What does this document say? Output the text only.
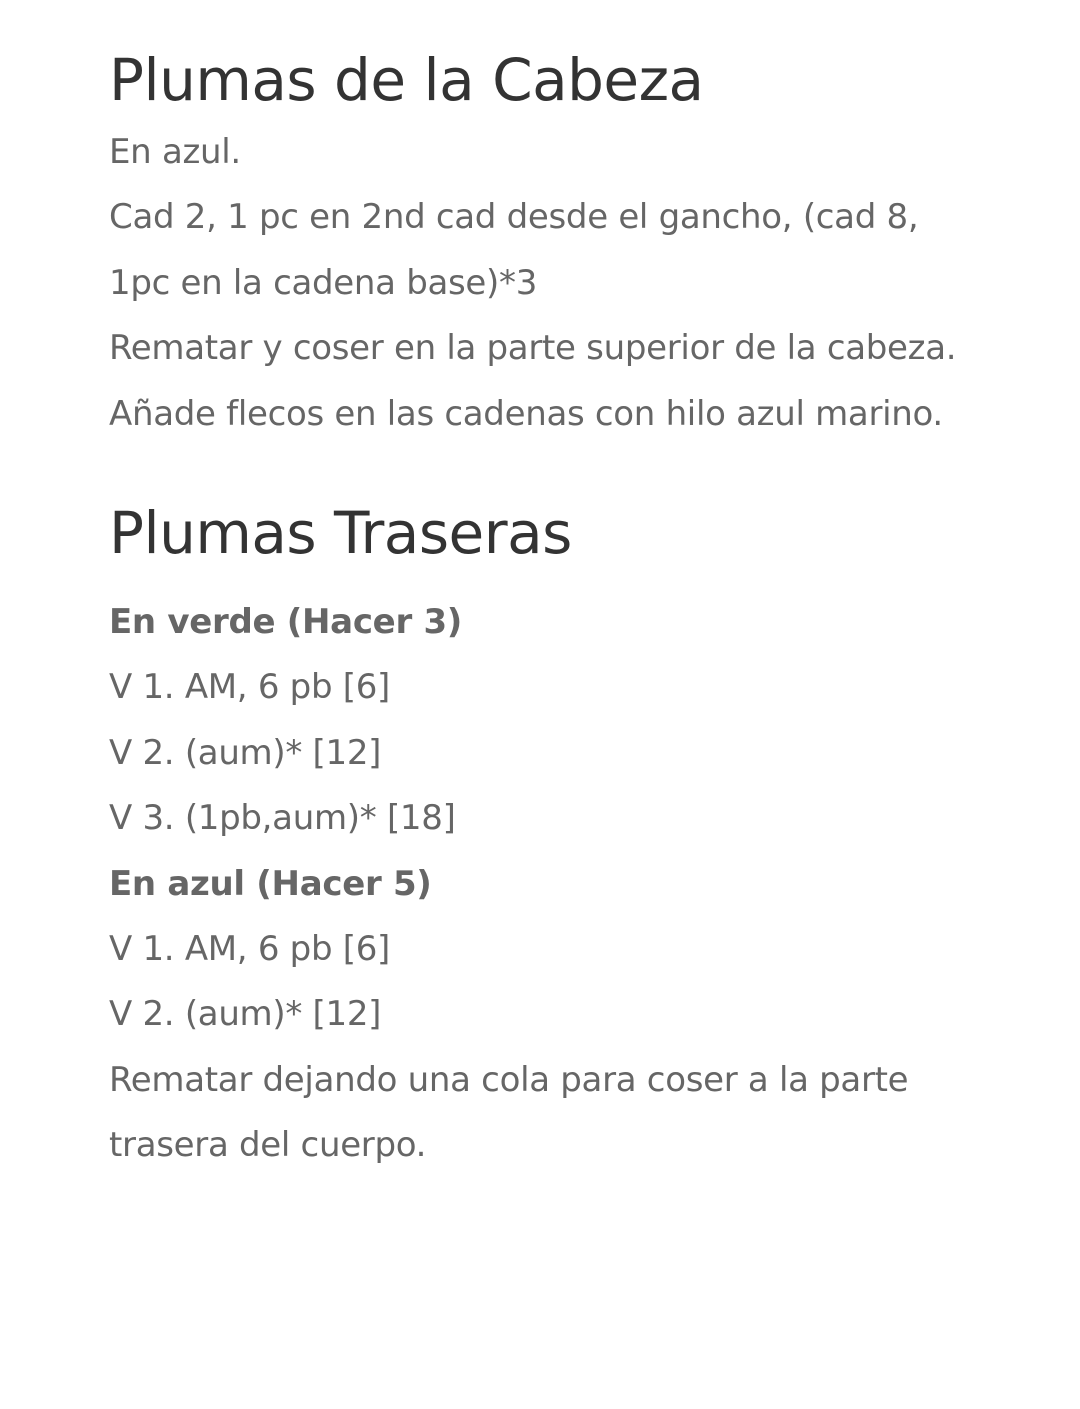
Plumas de la Cabeza

En azul.

Cad 2, 1 pc en 2nd cad desde el gancho, (cad 8, 1pc en la cadena base)*3

Rematar y coser en la parte superior de la cabeza.

Añade flecos en las cadenas con hilo azul marino.

Plumas Traseras

En verde (Hacer 3)

V 1. AM, 6 pb [6]

V 2. (aum)* [12]

V 3. (1pb,aum)* [18]

En azul (Hacer 5)

V 1. AM, 6 pb [6]

V 2. (aum)* [12]

Rematar dejando una cola para coser a la parte trasera del cuerpo.
